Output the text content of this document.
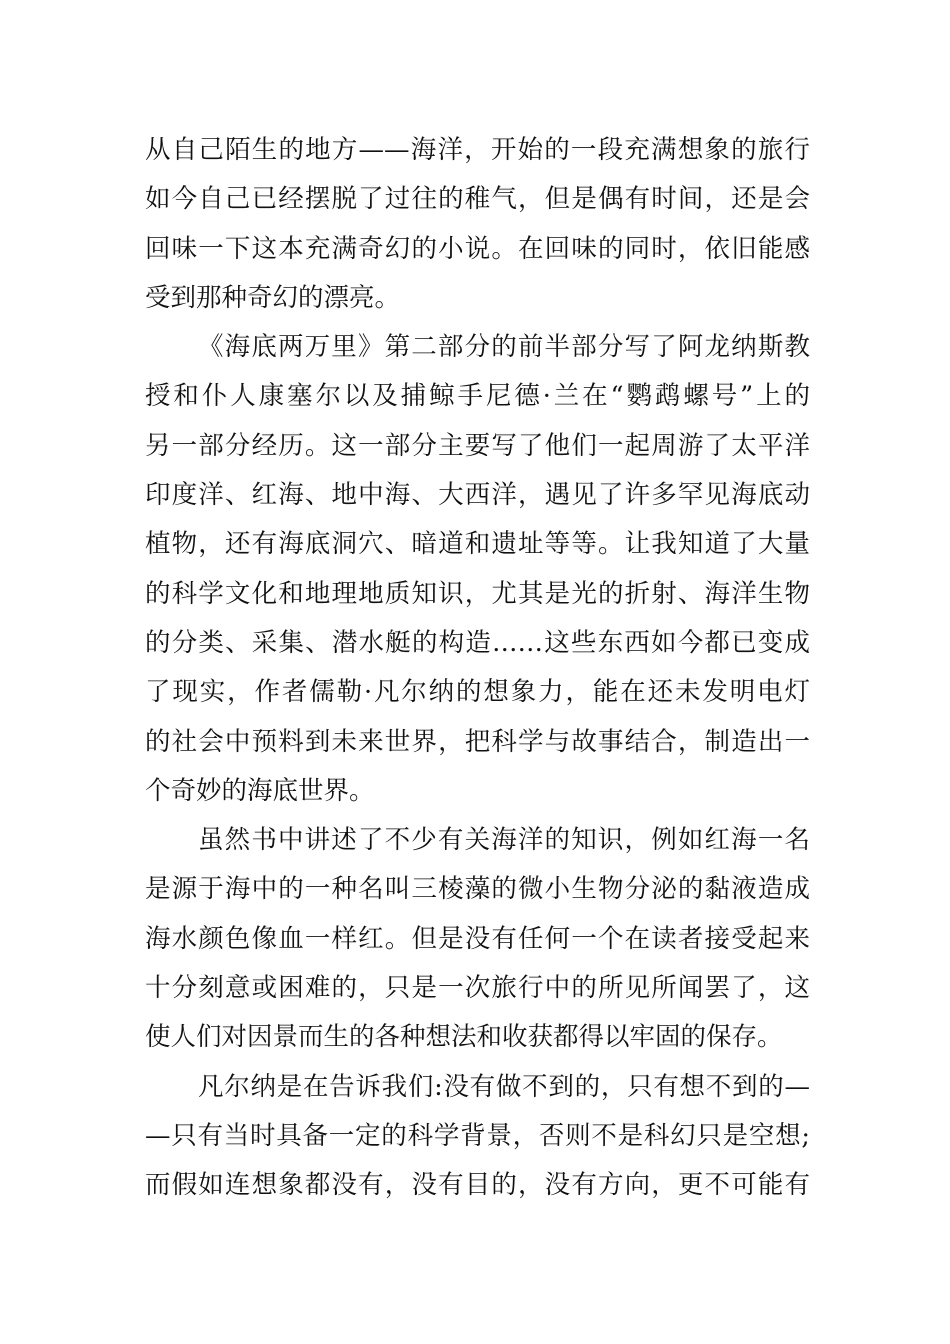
从自己陌生的地方——海洋，开始的一段充满想象的旅行
如今自己已经摆脱了过往的稚气，但是偶有时间，还是会
回味一下这本充满奇幻的小说。在回味的同时，依旧能感
受到那种奇幻的漂亮。
《海底两万里》第二部分的前半部分写了阿龙纳斯教
授和仆人康塞尔以及捕鲸手尼德·兰在“鹦鹉螺号”上的
另一部分经历。这一部分主要写了他们一起周游了太平洋
印度洋、红海、地中海、大西洋，遇见了许多罕见海底动
植物，还有海底洞穴、暗道和遗址等等。让我知道了大量
的科学文化和地理地质知识，尤其是光的折射、海洋生物
的分类、采集、潜水艇的构造……这些东西如今都已变成
了现实，作者儒勒·凡尔纳的想象力，能在还未发明电灯
的社会中预料到未来世界，把科学与故事结合，制造出一
个奇妙的海底世界。
虽然书中讲述了不少有关海洋的知识，例如红海一名
是源于海中的一种名叫三棱藻的微小生物分泌的黏液造成
海水颜色像血一样红。但是没有任何一个在读者接受起来
十分刻意或困难的，只是一次旅行中的所见所闻罢了，这
使人们对因景而生的各种想法和收获都得以牢固的保存。
凡尔纳是在告诉我们:没有做不到的，只有想不到的—
—只有当时具备一定的科学背景，否则不是科幻只是空想;
而假如连想象都没有，没有目的，没有方向，更不可能有
